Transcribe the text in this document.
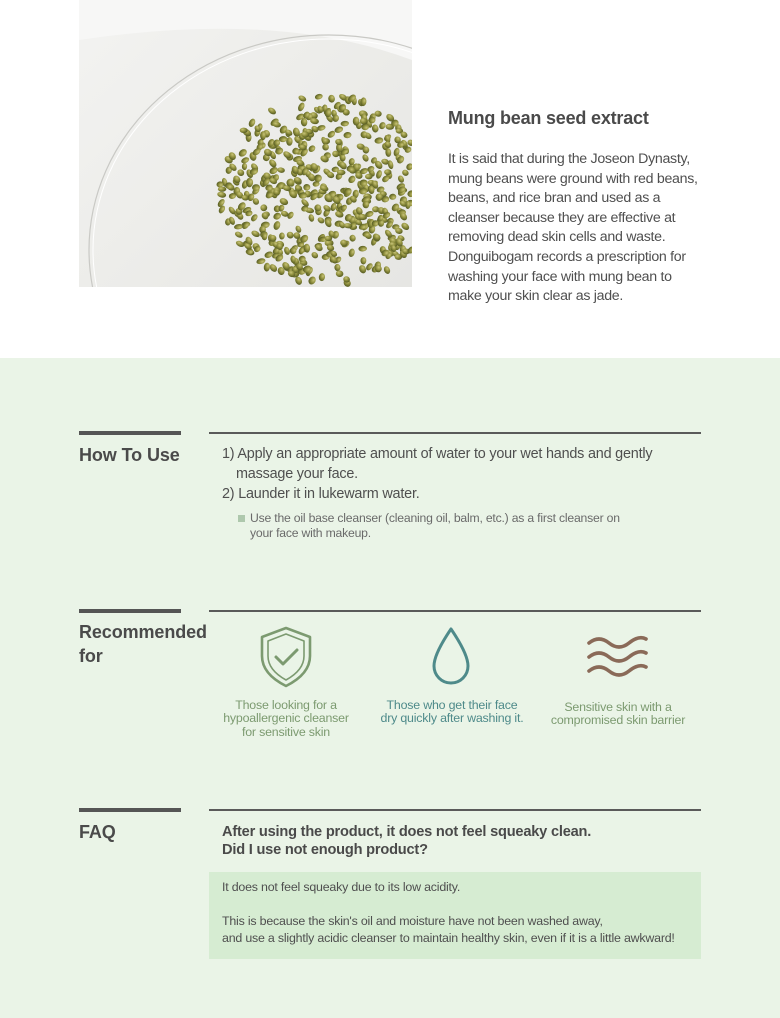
Mung bean seed extract
It is said that during the Joseon Dynasty, mung beans were ground with red beans, beans, and rice bran and used as a cleanser because they are effective at removing dead skin cells and waste. Donguibogam records a prescription for washing your face with mung bean to make your skin clear as jade.
How To Use	1) Apply an appropriate amount of water to your wet hands and gently
massage your face.
2) Launder it in lukewarm water.
Use the oil base cleanser (cleaning oil, balm, etc.) as a first cleanser on
your face with makeup.
Recommended
for
Those looking for a
hypoallergenic cleanser
for sensitive skin
Those who get their face
dry quickly after washing it.
Sensitive skin with a
compromised skin barrier
FAQ	After using the product, it does not feel squeaky clean.
Did I use not enough product?

It does not feel squeaky due to its low acidity.

This is because the skin's oil and moisture have not been washed away,

and use a slightly acidic cleanser to maintain healthy skin, even if it is a little awkward!
